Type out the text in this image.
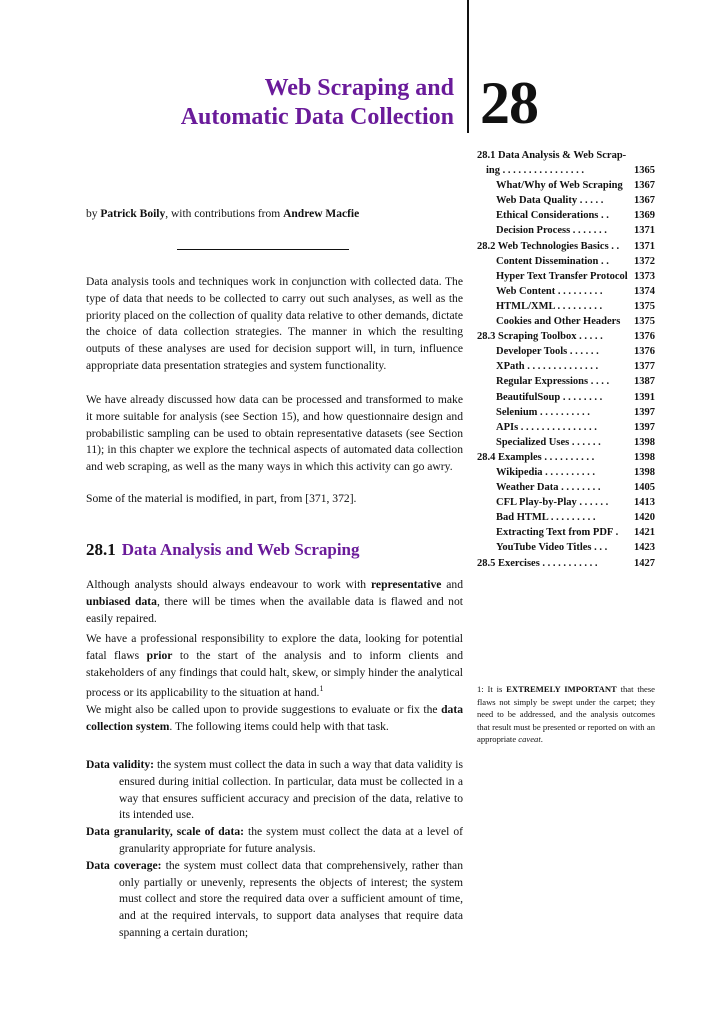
Web Scraping and
Automatic Data Collection 28
by Patrick Boily, with contributions from Andrew Macfie
28.1 Data Analysis & Web Scrap-
ing . . . . . . . . . . . . . . . .	1365
What/Why of Web Scraping 1367
Web Data Quality . . . . .	1367
Ethical Considerations . . 1369
Decision Process . . . . . . .	1371
28.2 Web Technologies Basics . . 1371
Content Dissemination . . 1372
Hyper Text Transfer Protocol 1373
Web Content . . . . . . . . .	1374
HTML/XML . . . . . . . . .	1375
Cookies and Other Headers 1375
28.3 Scraping Toolbox . . . . .	1376
Developer Tools . . . . . .	1376
XPath . . . . . . . . . . . . . .	1377
Regular Expressions . . . . 1387
BeautifulSoup . . . . . . . .	1391
Selenium . . . . . . . . . .	1397
APIs . . . . . . . . . . . . . . .	1397
Specialized Uses . . . . . .	1398
28.4 Examples . . . . . . . . . .	1398
Wikipedia . . . . . . . . . .	1398
Weather Data . . . . . . . .	1405
CFL Play-by-Play . . . . . . 1413
Bad HTML . . . . . . . . .	1420
Extracting Text from PDF . 1421
YouTube Video Titles . . .	1423
28.5 Exercises . . . . . . . . . . .	1427

Data analysis tools and techniques work in conjunction with collected data. The type of data that needs to be collected to carry out such analyses, as well as the priority placed on the collection of quality data relative to other demands, dictate the choice of data collection strategies. The manner in which the resulting outputs of these analyses are used for decision support will, in turn, influence appropriate data presentation strategies and system functionality.

We have already discussed how data can be processed and transformed to make it more suitable for analysis (see Section 15), and how questionnaire design and probabilistic sampling can be used to obtain representative datasets (see Section 11); in this chapter we explore the technical aspects of automated data collection and web scraping, as well as the many ways in which this activity can go awry.

Some of the material is modified, in part, from [371, 372].

28.1 Data Analysis and Web Scraping

Although analysts should always endeavour to work with representative and unbiased data, there will be times when the available data is flawed and not easily repaired.

We have a professional responsibility to explore the data, looking for potential fatal flaws prior to the start of the analysis and to inform clients and stakeholders of any findings that could halt, skew, or simply hinder the analytical process or its applicability to the situation at hand.$^1$

We might also be called upon to provide suggestions to evaluate or fix the data collection system. The following items could help with that task.

Data validity: the system must collect the data in such a way that data validity is ensured during initial collection. In particular, data must be collected in a way that ensures sufficient accuracy and precision of the data, relative to its intended use.
Data granularity, scale of data: the system must collect the data at a level of granularity appropriate for future analysis.
Data coverage: the system must collect data that comprehensively, rather than only partially or unevenly, represents the objects of interest; the system must collect and store the required data over a sufficient amount of time, and at the required intervals, to support data analyses that require data spanning a certain duration;
1: It is EXTREMELY IMPORTANT that these flaws not simply be swept under the carpet; they need to be addressed, and the analysis outcomes that result must be presented or reported on with an appropriate caveat.
